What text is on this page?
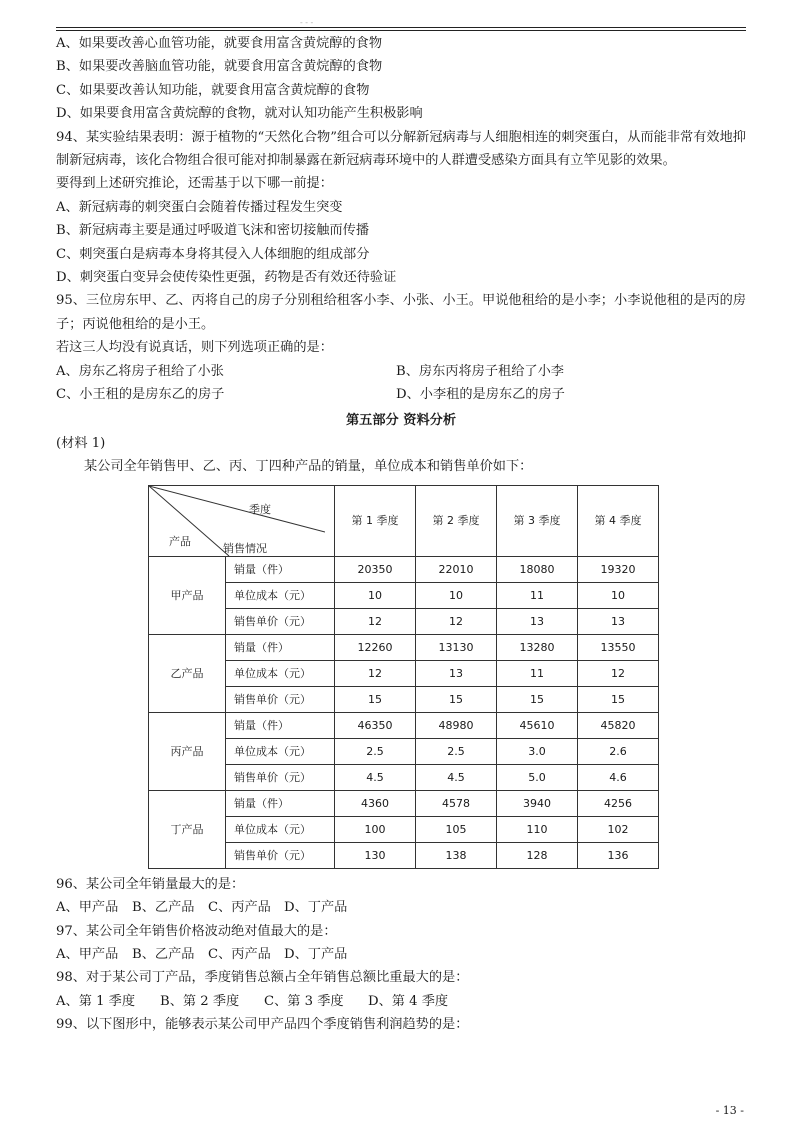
- - -
A、如果要改善心血管功能，就要食用富含黄烷醇的食物
B、如果要改善脑血管功能，就要食用富含黄烷醇的食物
C、如果要改善认知功能，就要食用富含黄烷醇的食物
D、如果要食用富含黄烷醇的食物，就对认知功能产生积极影响
94、某实验结果表明：源于植物的“天然化合物”组合可以分解新冠病毒与人细胞相连的刺突蛋白，从而能非常有效地抑制新冠病毒，该化合物组合很可能对抑制暴露在新冠病毒环境中的人群遭受感染方面具有立竿见影的效果。
要得到上述研究推论，还需基于以下哪一前提：
A、新冠病毒的刺突蛋白会随着传播过程发生突变
B、新冠病毒主要是通过呼吸道飞沫和密切接触而传播
C、刺突蛋白是病毒本身将其侵入人体细胞的组成部分
D、刺突蛋白变异会使传染性更强，药物是否有效还待验证
95、三位房东甲、乙、丙将自己的房子分别租给租客小李、小张、小王。甲说他租给的是小李；小李说他租的是丙的房子；丙说他租给的是小王。
若这三人均没有说真话，则下列选项正确的是：
A、房东乙将房子租给了小张	B、房东丙将房子租给了小李
C、小王租的是房东乙的房子	D、小李租的是房东乙的房子
第五部分 资料分析
(材料 1)
某公司全年销售甲、乙、丙、丁四种产品的销量，单位成本和销售单价如下：
季度
产品
销售情况		第 1 季度	第 2 季度	第 3 季度	第 4 季度
甲产品	销量（件）	20350	22010	18080	19320
	单位成本（元）	10	10	11	10
	销售单价（元）	12	12	13	13
乙产品	销量（件）	12260	13130	13280	13550
	单位成本（元）	12	13	11	12
	销售单价（元）	15	15	15	15
丙产品	销量（件）	46350	48980	45610	45820
	单位成本（元）	2.5	2.5	3.0	2.6
	销售单价（元）	4.5	4.5	5.0	4.6
丁产品	销量（件）	4360	4578	3940	4256
	单位成本（元）	100	105	110	102
	销售单价（元）	130	138	128	136
96、某公司全年销量最大的是：
A、甲产品 B、乙产品 C、丙产品 D、丁产品
97、某公司全年销售价格波动绝对值最大的是：
A、甲产品 B、乙产品 C、丙产品 D、丁产品
98、对于某公司丁产品，季度销售总额占全年销售总额比重最大的是：
A、第 1 季度 B、第 2 季度 C、第 3 季度 D、第 4 季度
99、以下图形中，能够表示某公司甲产品四个季度销售利润趋势的是：
- 13 -
